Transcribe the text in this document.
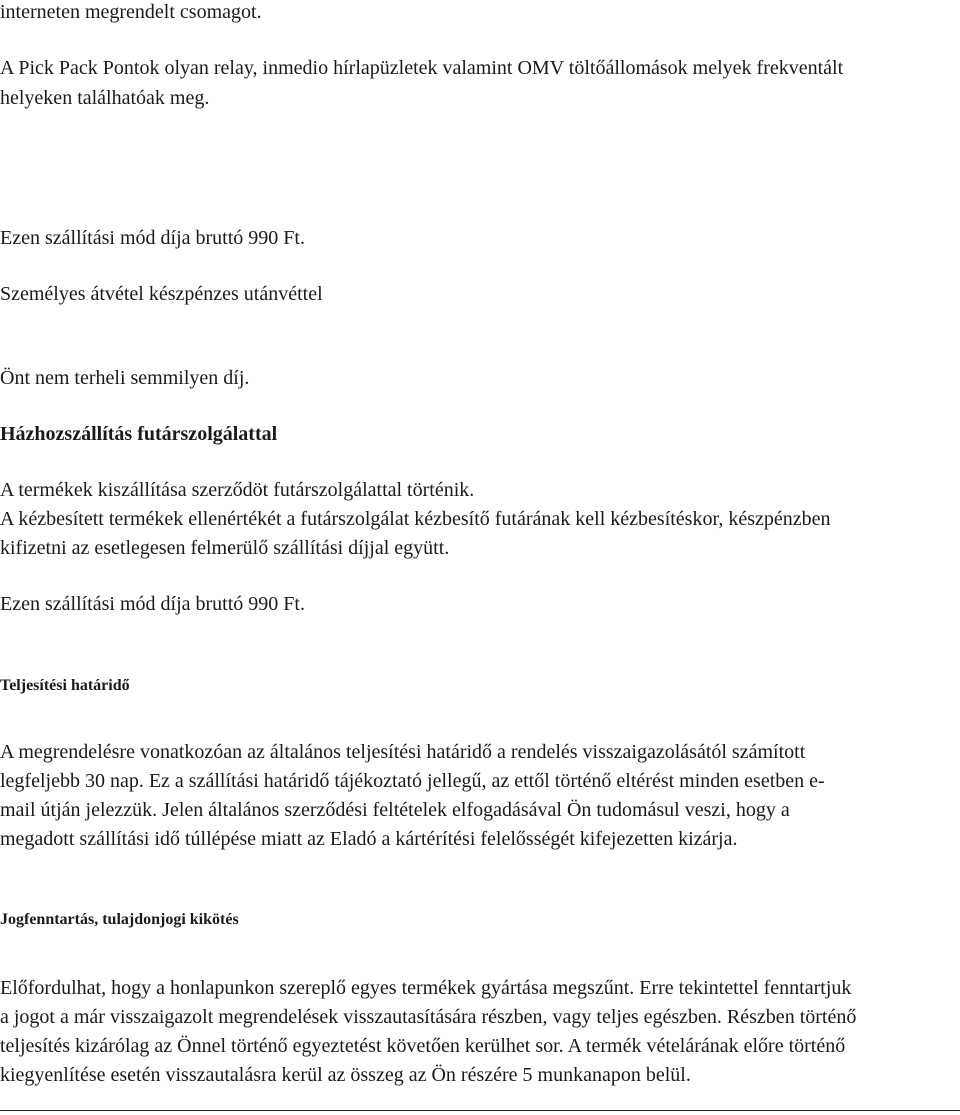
interneten megrendelt csomagot.

A Pick Pack Pontok olyan relay, inmedio hírlapüzletek valamint OMV töltőállomások melyek frekventált

helyeken találhatóak meg.

Ezen szállítási mód díja bruttó 990 Ft.

Személyes átvétel készpénzes utánvéttel

Önt nem terheli semmilyen díj.

Házhozszállítás futárszolgálattal

A termékek kiszállítása szerződöt futárszolgálattal történik.

A kézbesített termékek ellenértékét a futárszolgálat kézbesítő futárának kell kézbesítéskor, készpénzben

kifizetni az esetlegesen felmerülő szállítási díjjal együtt.

Ezen szállítási mód díja bruttó 990 Ft.

Teljesítési határidő

A megrendelésre vonatkozóan az általános teljesítési határidő a rendelés visszaigazolásától számított

legfeljebb 30 nap. Ez a szállítási határidő tájékoztató jellegű, az ettől történő eltérést minden esetben e-

mail útján jelezzük. Jelen általános szerződési feltételek elfogadásával Ön tudomásul veszi, hogy a

megadott szállítási idő túllépése miatt az Eladó a kártérítési felelősségét kifejezetten kizárja.

Jogfenntartás, tulajdonjogi kikötés

Előfordulhat, hogy a honlapunkon szereplő egyes termékek gyártása megszűnt. Erre tekintettel fenntartjuk

a jogot a már visszaigazolt megrendelések visszautasítására részben, vagy teljes egészben. Részben történő

teljesítés kizárólag az Önnel történő egyeztetést követően kerülhet sor. A termék vételárának előre történő

kiegyenlítése esetén visszautalásra kerül az összeg az Ön részére 5 munkanapon belül.
